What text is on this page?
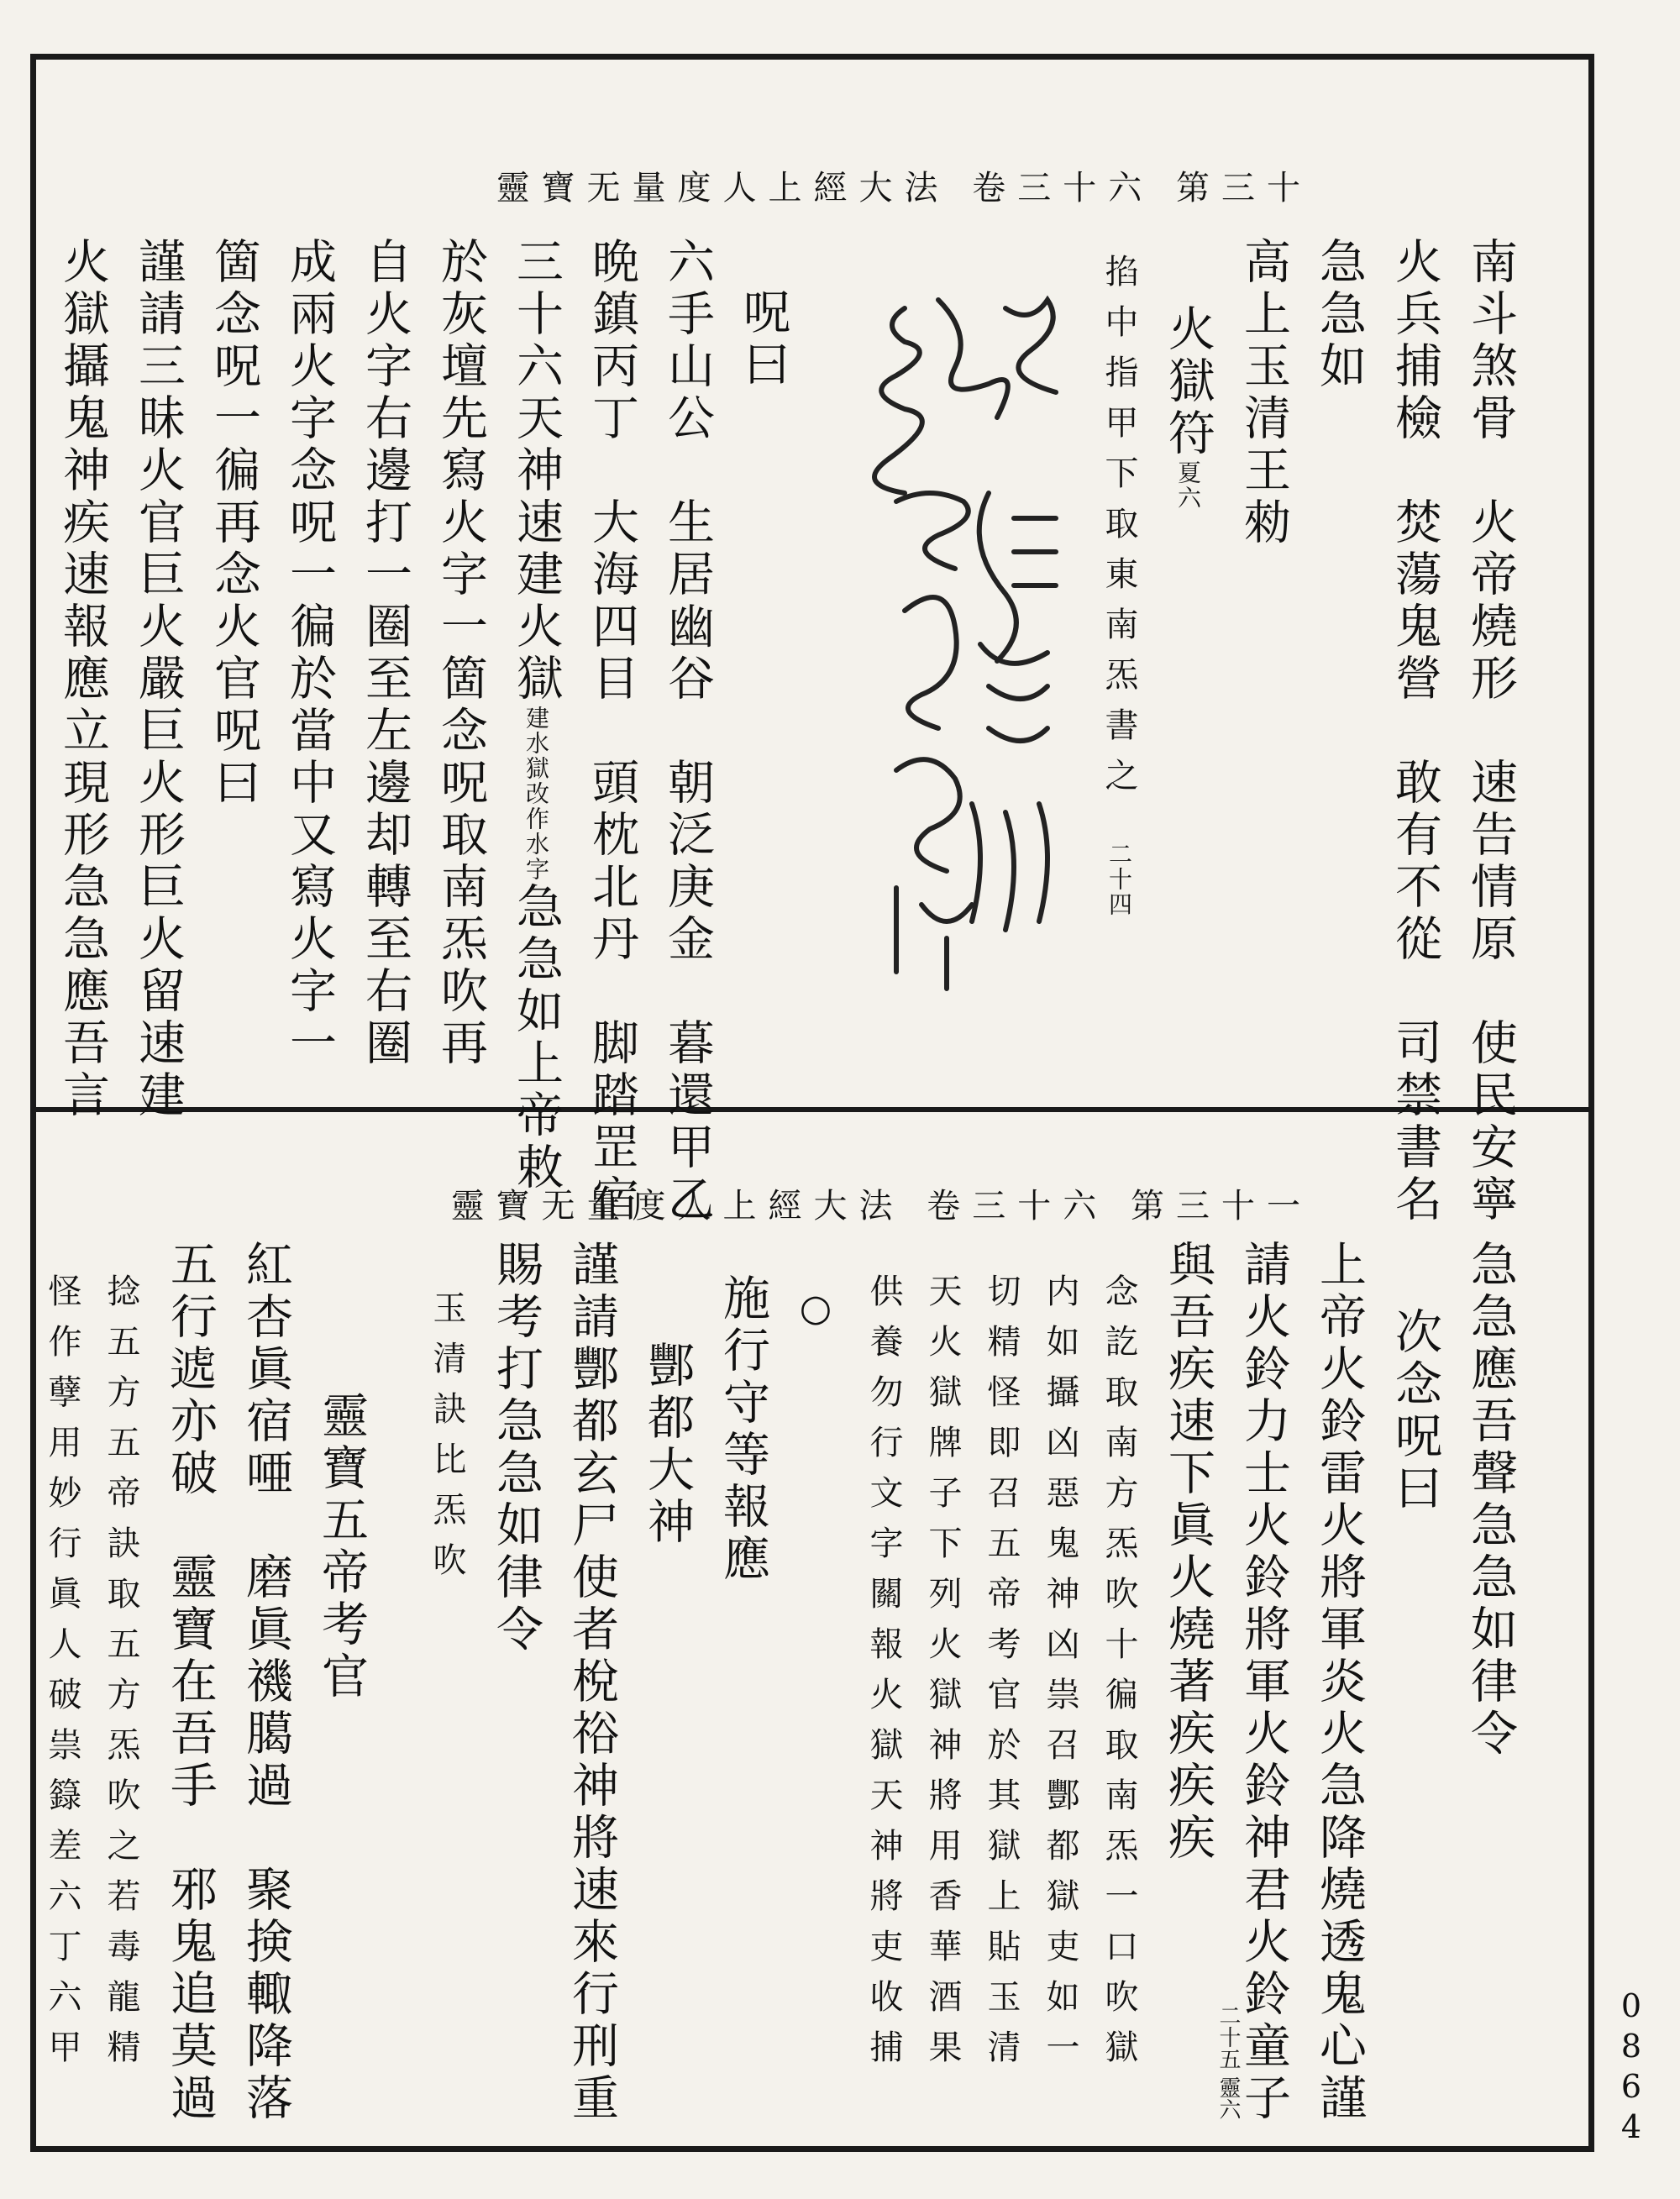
靈寶无量度人上經大法 卷三十六 第三十
南斗煞骨　火帝燒形　速告情原　使民安寧
火兵捕檢　焚蕩鬼營　敢有不從　司禁書名
急急如
高上玉清王勑
火獄符夏六
掐中指甲下取東南炁書之二十四
呪曰
六手山公　生居幽谷　朝泛庚金　暮還甲乙
晩鎮丙丁　大海四目　頭枕北丹　脚踏罡宿
三十六天神速建火獄建水獄改作水字急急如上帝敕
於灰壇先寫火字一箇念呪取南炁吹再
自火字右邊打一圈至左邊却轉至右圈
成兩火字念呪一徧於當中又寫火字一
箇念呪一徧再念火官呪曰
謹請三昧火官巨火嚴巨火形巨火留速建
火獄攝鬼神疾速報應立現形急急應吾言
靈寶无量度人上經大法 卷三十六 第三十一
急急應吾聲急急如律令
次念呪曰
上帝火鈴雷火將軍炎火急降燒透鬼心謹
請火鈴力士火鈴將軍火鈴神君火鈴童子
與吾疾速下眞火燒著疾疾疾
念訖取南方炁吹十徧取南炁一口吹獄
内如攝凶惡鬼神凶祟召酆都獄吏如一
切精怪即召五帝考官於其獄上貼玉清
天火獄牌子下列火獄神將用香華酒果
供養勿行文字關報火獄天神將吏收捕
○
施行守等報應
酆都大神
謹請酆都玄尸使者梲𥙿神將速來行刑重
賜考打急急如律令
玉清訣比炁吹
靈寶五帝考官
紅杏眞宿唖　磨眞禨臈過　聚𢮦輙降落
五行𨔛亦破　靈寶在吾手　邪鬼追莫過
捻五方五帝訣取五方炁吹之若毒龍精
怪作孽用妙行眞人破祟籙差六丁六甲	二十五 靈六	0864
